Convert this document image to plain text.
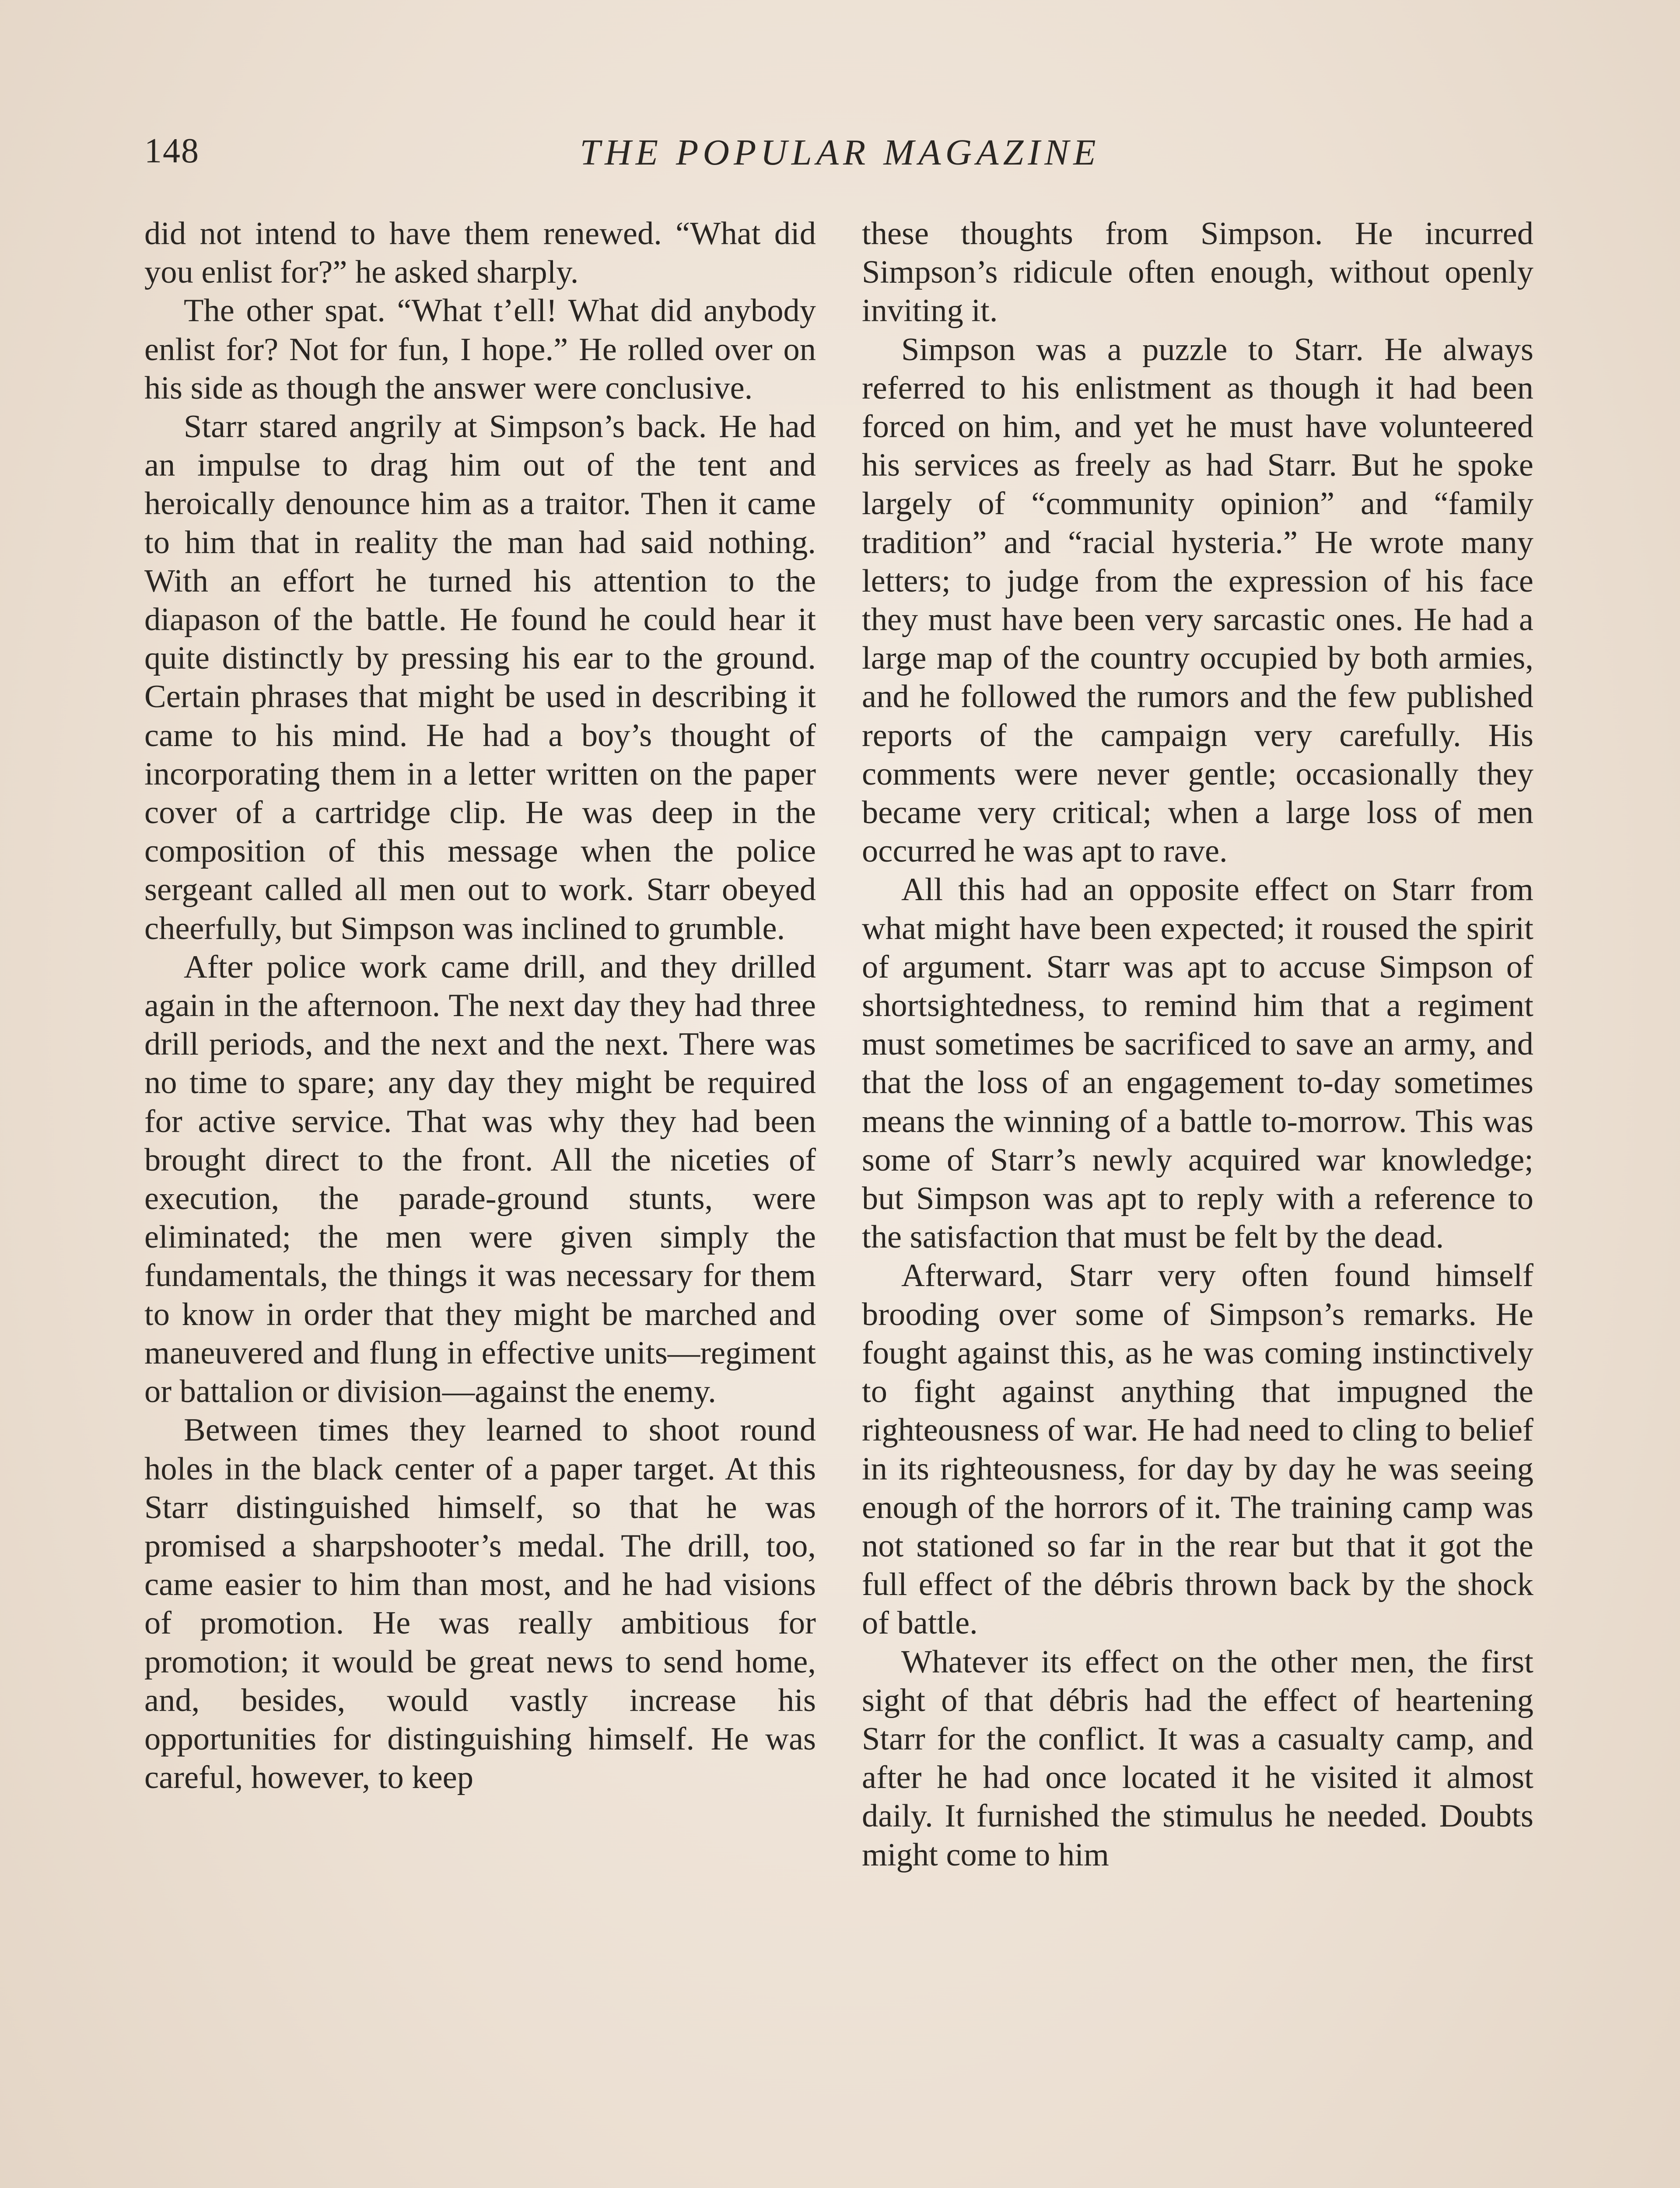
148	THE POPULAR MAGAZINE

did not intend to have them renewed. “What did you enlist for?” he asked sharply.

The other spat. “What t’ell! What did anybody enlist for? Not for fun, I hope.” He rolled over on his side as though the answer were conclusive.

Starr stared angrily at Simpson’s back. He had an impulse to drag him out of the tent and heroically denounce him as a traitor. Then it came to him that in reality the man had said nothing. With an effort he turned his attention to the diapason of the battle. He found he could hear it quite distinctly by pressing his ear to the ground. Certain phrases that might be used in describing it came to his mind. He had a boy’s thought of incorporating them in a letter written on the paper cover of a cartridge clip. He was deep in the composition of this message when the police sergeant called all men out to work. Starr obeyed cheerfully, but Simpson was inclined to grumble.

After police work came drill, and they drilled again in the afternoon. The next day they had three drill periods, and the next and the next. There was no time to spare; any day they might be required for active service. That was why they had been brought direct to the front. All the niceties of execution, the parade-ground stunts, were eliminated; the men were given simply the fundamentals, the things it was necessary for them to know in order that they might be marched and maneuvered and flung in effective units—regiment or battalion or division—against the enemy.

Between times they learned to shoot round holes in the black center of a paper target. At this Starr distinguished himself, so that he was promised a sharpshooter’s medal. The drill, too, came easier to him than most, and he had visions of promotion. He was really ambitious for promotion; it would be great news to send home, and, besides, would vastly increase his opportunities for distinguishing himself. He was careful, however, to keep

these thoughts from Simpson. He incurred Simpson’s ridicule often enough, without openly inviting it.

Simpson was a puzzle to Starr. He always referred to his enlistment as though it had been forced on him, and yet he must have volunteered his services as freely as had Starr. But he spoke largely of “community opinion” and “family tradition” and “racial hysteria.” He wrote many letters; to judge from the expression of his face they must have been very sarcastic ones. He had a large map of the country occupied by both armies, and he followed the rumors and the few published reports of the campaign very carefully. His comments were never gentle; occasionally they became very critical; when a large loss of men occurred he was apt to rave.

All this had an opposite effect on Starr from what might have been expected; it roused the spirit of argument. Starr was apt to accuse Simpson of shortsightedness, to remind him that a regiment must sometimes be sacrificed to save an army, and that the loss of an engagement to-day sometimes means the winning of a battle to-morrow. This was some of Starr’s newly acquired war knowledge; but Simpson was apt to reply with a reference to the satisfaction that must be felt by the dead.

Afterward, Starr very often found himself brooding over some of Simpson’s remarks. He fought against this, as he was coming instinctively to fight against anything that impugned the righteousness of war. He had need to cling to belief in its righteousness, for day by day he was seeing enough of the horrors of it. The training camp was not stationed so far in the rear but that it got the full effect of the débris thrown back by the shock of battle.

Whatever its effect on the other men, the first sight of that débris had the effect of heartening Starr for the conflict. It was a casualty camp, and after he had once located it he visited it almost daily. It furnished the stimulus he needed. Doubts might come to him
